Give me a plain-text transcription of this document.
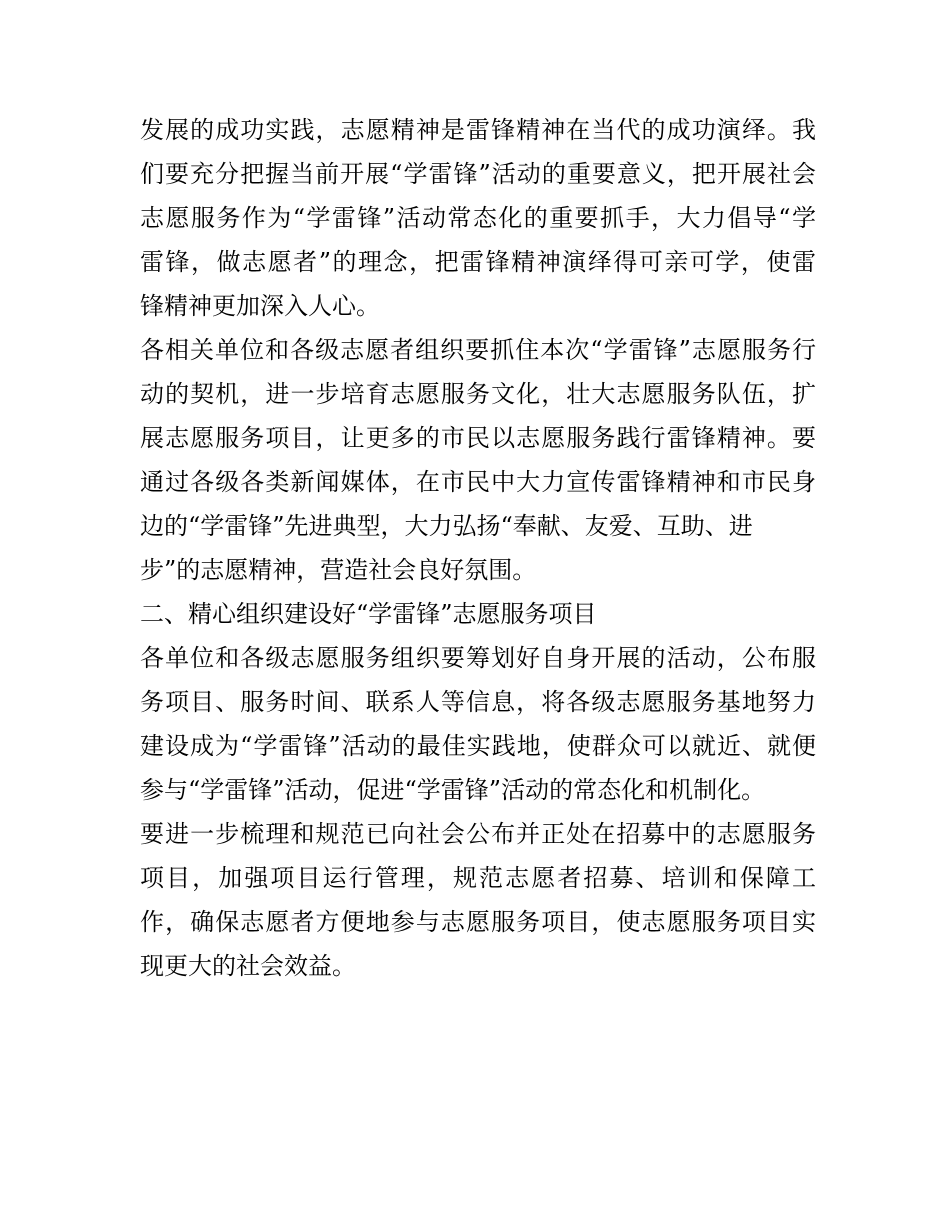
发展的成功实践，志愿精神是雷锋精神在当代的成功演绎。我
们要充分把握当前开展“学雷锋”活动的重要意义，把开展社会
志愿服务作为“学雷锋”活动常态化的重要抓手，大力倡导“学
雷锋，做志愿者”的理念，把雷锋精神演绎得可亲可学，使雷
锋精神更加深入人心。
各相关单位和各级志愿者组织要抓住本次“学雷锋”志愿服务行
动的契机，进一步培育志愿服务文化，壮大志愿服务队伍，扩
展志愿服务项目，让更多的市民以志愿服务践行雷锋精神。要
通过各级各类新闻媒体，在市民中大力宣传雷锋精神和市民身
边的“学雷锋”先进典型，大力弘扬“奉献、友爱、互助、进
步”的志愿精神，营造社会良好氛围。
二、精心组织建设好“学雷锋”志愿服务项目
各单位和各级志愿服务组织要筹划好自身开展的活动，公布服
务项目、服务时间、联系人等信息，将各级志愿服务基地努力
建设成为“学雷锋”活动的最佳实践地，使群众可以就近、就便
参与“学雷锋”活动，促进“学雷锋”活动的常态化和机制化。
要进一步梳理和规范已向社会公布并正处在招募中的志愿服务
项目，加强项目运行管理，规范志愿者招募、培训和保障工
作，确保志愿者方便地参与志愿服务项目，使志愿服务项目实
现更大的社会效益。
